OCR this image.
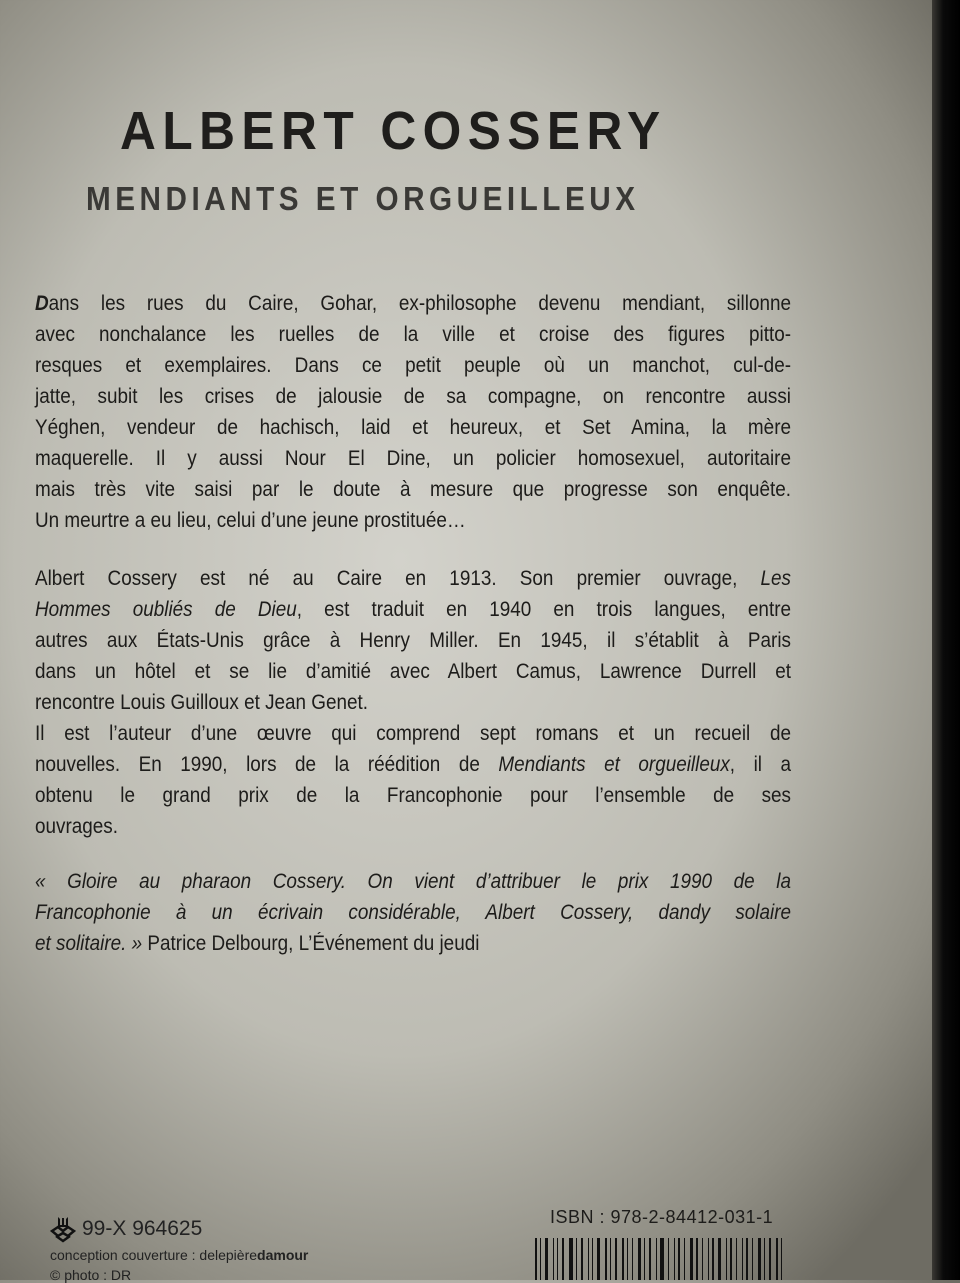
ALBERT COSSERY
MENDIANTS ET ORGUEILLEUX
Dans les rues du Caire, Gohar, ex-philosophe devenu mendiant, sillonne
avec nonchalance les ruelles de la ville et croise des figures pitto-
resques et exemplaires. Dans ce petit peuple où un manchot, cul-de-
jatte, subit les crises de jalousie de sa compagne, on rencontre aussi
Yéghen, vendeur de hachisch, laid et heureux, et Set Amina, la mère
maquerelle. Il y aussi Nour El Dine, un policier homosexuel, autoritaire
mais très vite saisi par le doute à mesure que progresse son enquête.
Un meurtre a eu lieu, celui d’une jeune prostituée…
Albert Cossery est né au Caire en 1913. Son premier ouvrage, Les
Hommes oubliés de Dieu, est traduit en 1940 en trois langues, entre
autres aux États-Unis grâce à Henry Miller. En 1945, il s’établit à Paris
dans un hôtel et se lie d’amitié avec Albert Camus, Lawrence Durrell et
rencontre Louis Guilloux et Jean Genet.
Il est l’auteur d’une œuvre qui comprend sept romans et un recueil de
nouvelles. En 1990, lors de la réédition de Mendiants et orgueilleux, il a
obtenu le grand prix de la Francophonie pour l’ensemble de ses
ouvrages.
« Gloire au pharaon Cossery. On vient d’attribuer le prix 1990 de la
Francophonie à un écrivain considérable, Albert Cossery, dandy solaire
et solitaire. » Patrice Delbourg, L’Événement du jeudi
99-X 964625
conception couverture : delepièredamour
© photo : DR
ISBN : 978-2-84412-031-1
